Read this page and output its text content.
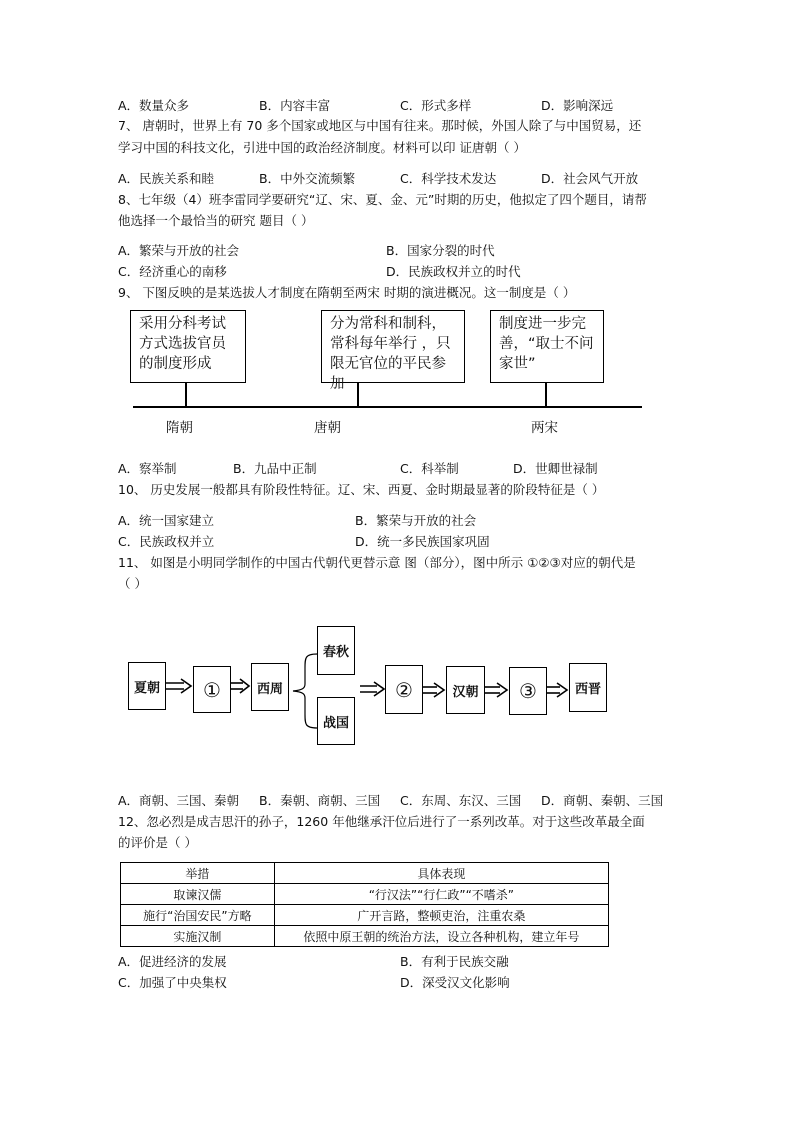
A．数量众多	B．内容丰富	C．形式多样	D．影响深远
7、 唐朝时，世界上有 70 多个国家或地区与中国有往来。那时候，外国人除了与中国贸易，还
学习中国的科技文化，引进中国的政治经济制度。材料可以印 证唐朝（ ）
A．民族关系和睦	B．中外交流频繁	C．科学技术发达	D．社会风气开放
8、七年级（4）班李雷同学要研究“辽、宋、夏、金、元”时期的历史，他拟定了四个题目，请帮
他选择一个最恰当的研究 题目（ ）
A．繁荣与开放的社会	B．国家分裂的时代
C．经济重心的南移	D．民族政权并立的时代
9、 下图反映的是某选拔人才制度在隋朝至两宋 时期的演进概况。这一制度是（ ）
采用分科考试方式选拔官员的制度形成
分为常科和制科，常科每年举行 ，只限无官位的平民参加
制度进一步完善，“取士不问家世”
隋朝	唐朝	两宋
A．察举制	B．九品中正制	C．科举制	D．世卿世禄制
10、 历史发展一般都具有阶段性特征。辽、宋、西夏、金时期最显著的阶段特征是（ ）
A．统一国家建立	B．繁荣与开放的社会
C．民族政权并立	D．统一多民族国家巩固
11、 如图是小明同学制作的中国古代朝代更替示意 图（部分），图中所示 ①②③对应的朝代是
（ ）
夏朝	①	西周
春秋
战国
②	汉朝	③	西晋
A．商朝、三国、秦朝 B．秦朝、商朝、三国 C．东周、东汉、三国 D．商朝、秦朝、三国
12、忽必烈是成吉思汗的孙子，1260 年他继承汗位后进行了一系列改革。对于这些改革最全面
的评价是（ ）
举措	具体表现
取谏汉儒	“行汉法”“行仁政”“不嗜杀”
施行“治国安民”方略	广开言路，整顿吏治，注重农桑
实施汉制	依照中原王朝的统治方法，设立各种机构，建立年号
A．促进经济的发展	B．有利于民族交融
C．加强了中央集权	D．深受汉文化影响
